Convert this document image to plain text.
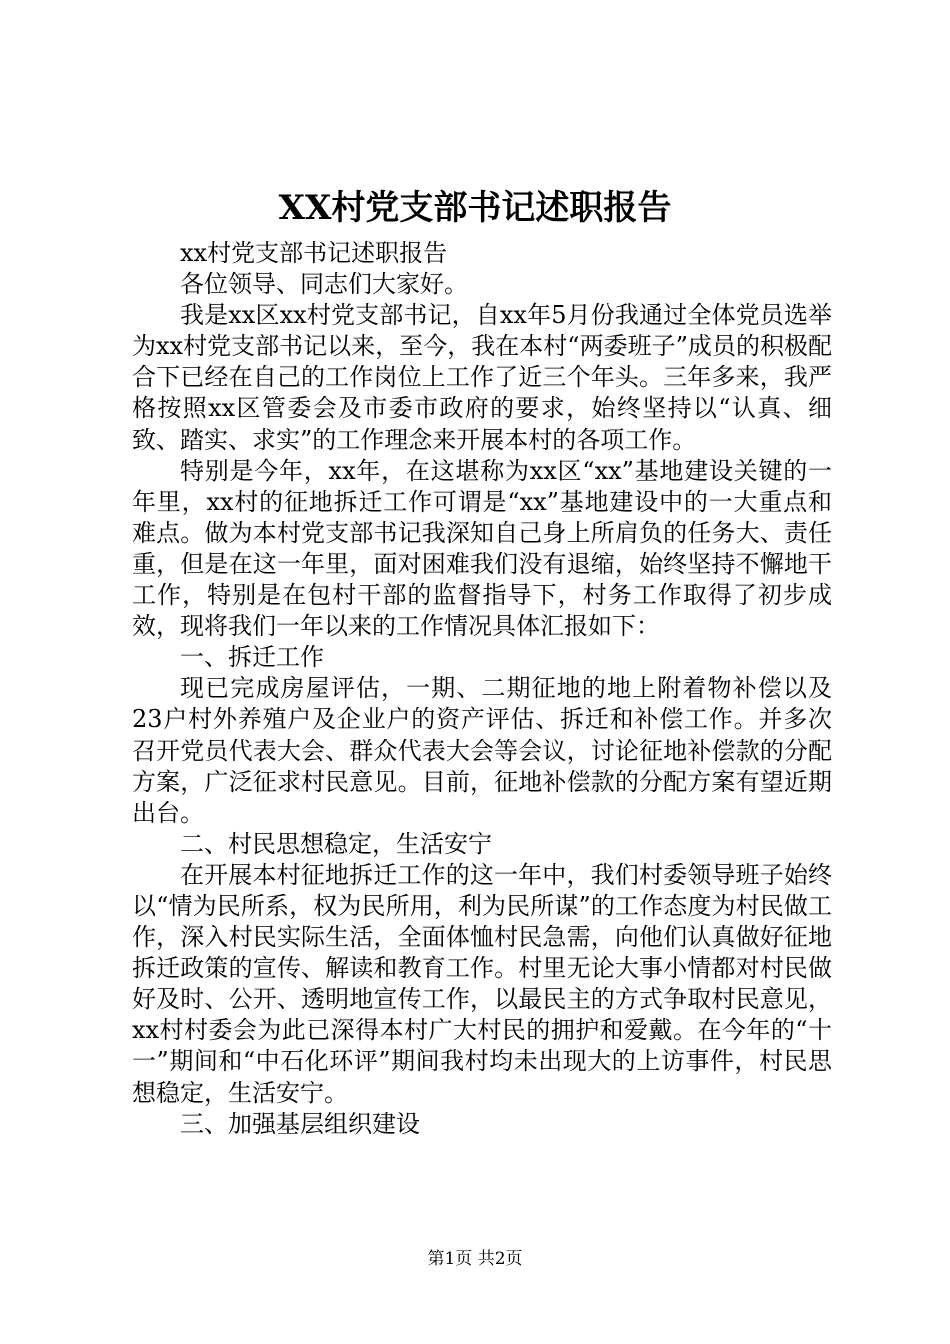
XX村党支部书记述职报告

xx村党支部书记述职报告

各位领导、同志们大家好。

我是xx区xx村党支部书记，自xx年5月份我通过全体党员选举为xx村党支部书记以来，至今，我在本村“两委班子”成员的积极配合下已经在自己的工作岗位上工作了近三个年头。三年多来，我严格按照xx区管委会及市委市政府的要求，始终坚持以“认真、细致、踏实、求实”的工作理念来开展本村的各项工作。

特别是今年，xx年，在这堪称为xx区“xx”基地建设关键的一年里，xx村的征地拆迁工作可谓是“xx”基地建设中的一大重点和难点。做为本村党支部书记我深知自己身上所肩负的任务大、责任重，但是在这一年里，面对困难我们没有退缩，始终坚持不懈地干工作，特别是在包村干部的监督指导下，村务工作取得了初步成效，现将我们一年以来的工作情况具体汇报如下：

一、拆迁工作

现已完成房屋评估，一期、二期征地的地上附着物补偿以及23户村外养殖户及企业户的资产评估、拆迁和补偿工作。并多次召开党员代表大会、群众代表大会等会议，讨论征地补偿款的分配方案，广泛征求村民意见。目前，征地补偿款的分配方案有望近期出台。

二、村民思想稳定，生活安宁

在开展本村征地拆迁工作的这一年中，我们村委领导班子始终以“情为民所系，权为民所用，利为民所谋”的工作态度为村民做工作，深入村民实际生活，全面体恤村民急需，向他们认真做好征地拆迁政策的宣传、解读和教育工作。村里无论大事小情都对村民做好及时、公开、透明地宣传工作，以最民主的方式争取村民意见，xx村村委会为此已深得本村广大村民的拥护和爱戴。在今年的“十一”期间和“中石化环评”期间我村均未出现大的上访事件，村民思想稳定，生活安宁。

三、加强基层组织建设

第1页 共2页
